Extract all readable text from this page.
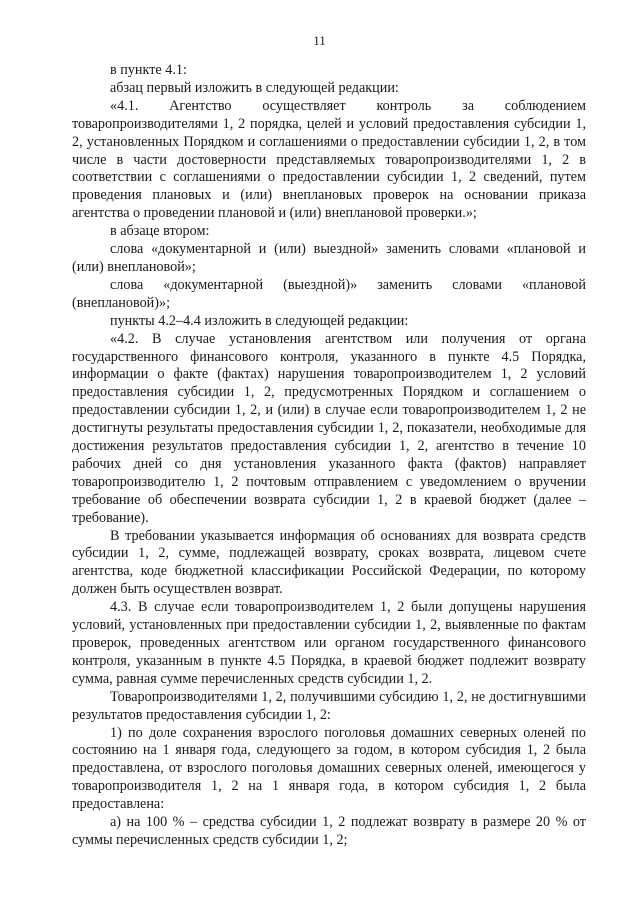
11

в пункте 4.1:

абзац первый изложить в следующей редакции:

«4.1. Агентство осуществляет контроль за соблюдением товаропроизводителями 1, 2 порядка, целей и условий предоставления субсидии 1, 2, установленных Порядком и соглашениями о предоставлении субсидии 1, 2, в том числе в части достоверности представляемых товаропроизводителями 1, 2 в соответствии с соглашениями о предоставлении субсидии 1, 2 сведений, путем проведения плановых и (или) внеплановых проверок на основании приказа агентства о проведении плановой и (или) внеплановой проверки.»;

в абзаце втором:

слова «документарной и (или) выездной» заменить словами «плановой и (или) внеплановой»;

слова «документарной (выездной)» заменить словами «плановой (внеплановой)»;

пункты 4.2–4.4 изложить в следующей редакции:

«4.2. В случае установления агентством или получения от органа государственного финансового контроля, указанного в пункте 4.5 Порядка, информации о факте (фактах) нарушения товаропроизводителем 1, 2 условий предоставления субсидии 1, 2, предусмотренных Порядком и соглашением о предоставлении субсидии 1, 2, и (или) в случае если товаропроизводителем 1, 2 не достигнуты результаты предоставления субсидии 1, 2, показатели, необходимые для достижения результатов предоставления субсидии 1, 2, агентство в течение 10 рабочих дней со дня установления указанного факта (фактов) направляет товаропроизводителю 1, 2 почтовым отправлением с уведомлением о вручении требование об обеспечении возврата субсидии 1, 2 в краевой бюджет (далее – требование).

В требовании указывается информация об основаниях для возврата средств субсидии 1, 2, сумме, подлежащей возврату, сроках возврата, лицевом счете агентства, коде бюджетной классификации Российской Федерации, по которому должен быть осуществлен возврат.

4.3. В случае если товаропроизводителем 1, 2 были допущены нарушения условий, установленных при предоставлении субсидии 1, 2, выявленные по фактам проверок, проведенных агентством или органом государственного финансового контроля, указанным в пункте 4.5 Порядка, в краевой бюджет подлежит возврату сумма, равная сумме перечисленных средств субсидии 1, 2.

Товаропроизводителями 1, 2, получившими субсидию 1, 2, не достигнувшими результатов предоставления субсидии 1, 2:

1) по доле сохранения взрослого поголовья домашних северных оленей по состоянию на 1 января года, следующего за годом, в котором субсидия 1, 2 была предоставлена, от взрослого поголовья домашних северных оленей, имеющегося у товаропроизводителя 1, 2 на 1 января года, в котором субсидия 1, 2 была предоставлена:

а) на 100 % – средства субсидии 1, 2 подлежат возврату в размере 20 % от суммы перечисленных средств субсидии 1, 2;
